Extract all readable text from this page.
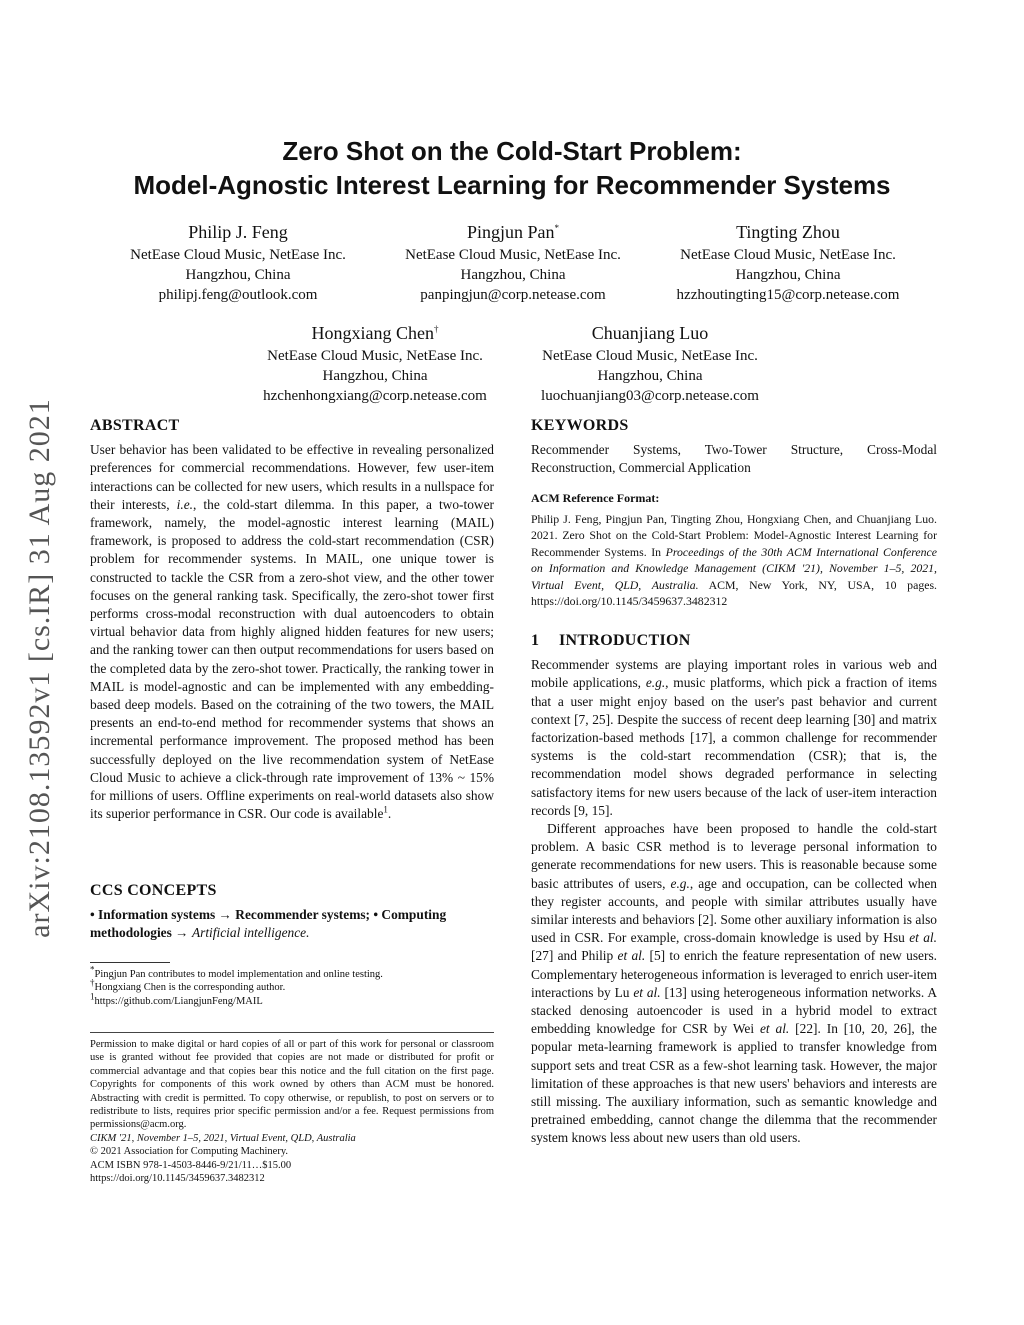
arXiv:2108.13592v1 [cs.IR] 31 Aug 2021
Zero Shot on the Cold-Start Problem:
Model-Agnostic Interest Learning for Recommender Systems
Philip J. Feng
NetEase Cloud Music, NetEase Inc.
Hangzhou, China
philipj.feng@outlook.com
Pingjun Pan*
NetEase Cloud Music, NetEase Inc.
Hangzhou, China
panpingjun@corp.netease.com
Tingting Zhou
NetEase Cloud Music, NetEase Inc.
Hangzhou, China
hzzhoutingting15@corp.netease.com
Hongxiang Chen†
NetEase Cloud Music, NetEase Inc.
Hangzhou, China
hzchenhongxiang@corp.netease.com
Chuanjiang Luo
NetEase Cloud Music, NetEase Inc.
Hangzhou, China
luochuanjiang03@corp.netease.com
ABSTRACT

User behavior has been validated to be effective in revealing personalized preferences for commercial recommendations. However, few user-item interactions can be collected for new users, which results in a nullspace for their interests, i.e., the cold-start dilemma. In this paper, a two-tower framework, namely, the model-agnostic interest learning (MAIL) framework, is proposed to address the cold-start recommendation (CSR) problem for recommender systems. In MAIL, one unique tower is constructed to tackle the CSR from a zero-shot view, and the other tower focuses on the general ranking task. Specifically, the zero-shot tower first performs cross-modal reconstruction with dual autoencoders to obtain virtual behavior data from highly aligned hidden features for new users; and the ranking tower can then output recommendations for users based on the completed data by the zero-shot tower. Practically, the ranking tower in MAIL is model-agnostic and can be implemented with any embedding-based deep models. Based on the cotraining of the two towers, the MAIL presents an end-to-end method for recommender systems that shows an incremental performance improvement. The proposed method has been successfully deployed on the live recommendation system of NetEase Cloud Music to achieve a click-through rate improvement of 13% ~ 15% for millions of users. Offline experiments on real-world datasets also show its superior performance in CSR. Our code is available$^1$.

CCS CONCEPTS

• Information systems → Recommender systems; • Computing methodologies → Artificial intelligence.

*Pingjun Pan contributes to model implementation and online testing.
†Hongxiang Chen is the corresponding author.
$^1$https://github.com/LiangjunFeng/MAIL

Permission to make digital or hard copies of all or part of this work for personal or classroom use is granted without fee provided that copies are not made or distributed for profit or commercial advantage and that copies bear this notice and the full citation on the first page. Copyrights for components of this work owned by others than ACM must be honored. Abstracting with credit is permitted. To copy otherwise, or republish, to post on servers or to redistribute to lists, requires prior specific permission and/or a fee. Request permissions from permissions@acm.org.

CIKM '21, November 1–5, 2021, Virtual Event, QLD, Australia
© 2021 Association for Computing Machinery.
ACM ISBN 978-1-4503-8446-9/21/11…$15.00
https://doi.org/10.1145/3459637.3482312
KEYWORDS

Recommender Systems, Two-Tower Structure, Cross-Modal Reconstruction, Commercial Application

ACM Reference Format:

Philip J. Feng, Pingjun Pan, Tingting Zhou, Hongxiang Chen, and Chuanjiang Luo. 2021. Zero Shot on the Cold-Start Problem: Model-Agnostic Interest Learning for Recommender Systems. In Proceedings of the 30th ACM International Conference on Information and Knowledge Management (CIKM '21), November 1–5, 2021, Virtual Event, QLD, Australia. ACM, New York, NY, USA, 10 pages. https://doi.org/10.1145/3459637.3482312

1 INTRODUCTION

Recommender systems are playing important roles in various web and mobile applications, e.g., music platforms, which pick a fraction of items that a user might enjoy based on the user's past behavior and current context [7, 25]. Despite the success of recent deep learning [30] and matrix factorization-based methods [17], a common challenge for recommender systems is the cold-start recommendation (CSR); that is, the recommendation model shows degraded performance in selecting satisfactory items for new users because of the lack of user-item interaction records [9, 15].

Different approaches have been proposed to handle the cold-start problem. A basic CSR method is to leverage personal information to generate recommendations for new users. This is reasonable because some basic attributes of users, e.g., age and occupation, can be collected when they register accounts, and people with similar attributes usually have similar interests and behaviors [2]. Some other auxiliary information is also used in CSR. For example, cross-domain knowledge is used by Hsu et al. [27] and Philip et al. [5] to enrich the feature representation of new users. Complementary heterogeneous information is leveraged to enrich user-item interactions by Lu et al. [13] using heterogeneous information networks. A stacked denosing autoencoder is used in a hybrid model to extract embedding knowledge for CSR by Wei et al. [22]. In [10, 20, 26], the popular meta-learning framework is applied to transfer knowledge from support sets and treat CSR as a few-shot learning task. However, the major limitation of these approaches is that new users' behaviors and interests are still missing. The auxiliary information, such as semantic knowledge and pretrained embedding, cannot change the dilemma that the recommender system knows less about new users than old users.
